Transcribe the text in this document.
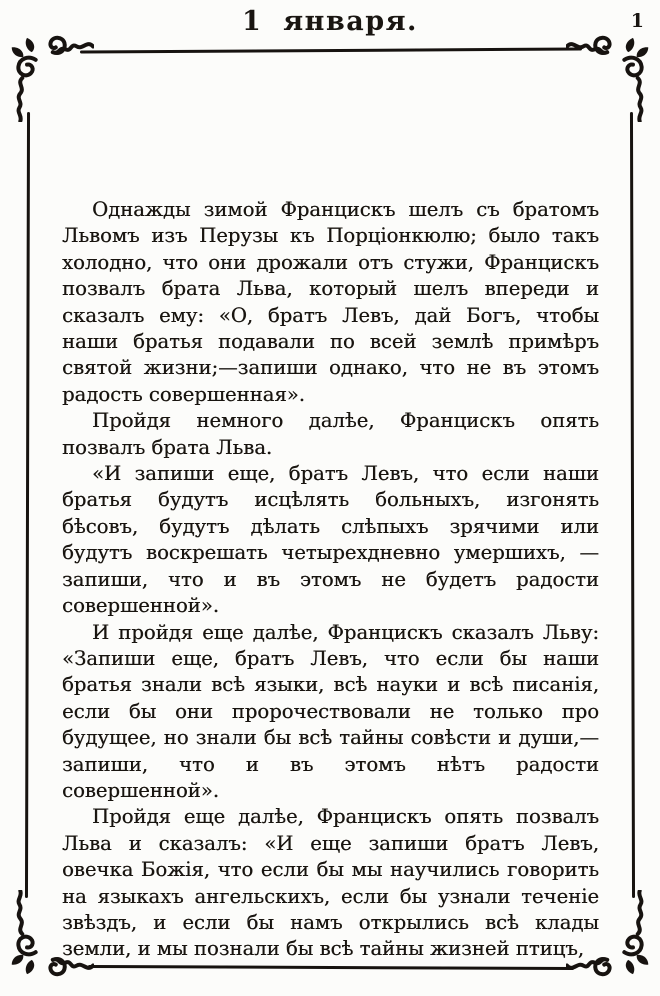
1 января.	1

Однажды зимой Францискъ шелъ съ братомъ Львомъ изъ Перузы къ Порціонкюлю; было такъ холодно, что они дрожали отъ стужи, Францискъ позвалъ брата Льва, который шелъ впереди и сказалъ ему: «О, братъ Левъ, дай Богъ, чтобы наши братья подавали по всей землѣ примѣръ святой жизни;—запиши однако, что не въ этомъ радость совершенная».

Пройдя немного далѣе, Францискъ опять позвалъ брата Льва.

«И запиши еще, братъ Левъ, что если наши братья будутъ исцѣлять больныхъ, изгонять бѣсовъ, будутъ дѣлать слѣпыхъ зрячими или будутъ воскрешать четырехдневно умершихъ, — запиши, что и въ этомъ не будетъ радости совершенной».

И пройдя еще далѣе, Францискъ сказалъ Льву: «Запиши еще, братъ Левъ, что если бы наши братья знали всѣ языки, всѣ науки и всѣ писанія, если бы они пророчествовали не только про будущее, но знали бы всѣ тайны совѣсти и души,— запиши, что и въ этомъ нѣтъ радости совершенной».

Пройдя еще далѣе, Францискъ опять позвалъ Льва и сказалъ: «И еще запиши братъ Левъ, овечка Божія, что если бы мы научились говорить на языкахъ ангельскихъ, если бы узнали теченіе звѣздъ, и если бы намъ открылись всѣ клады земли, и мы познали бы всѣ тайны жизней птицъ,
